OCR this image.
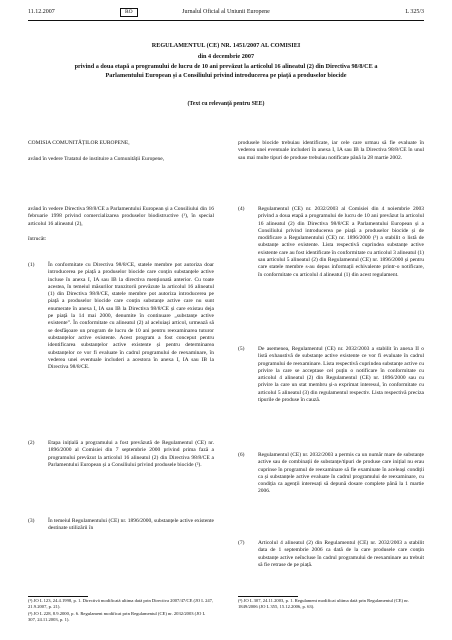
11.12.2007	RO	Jurnalul Oficial al Uniunii Europene	L 325/3
REGULAMENTUL (CE) NR. 1451/2007 AL COMISIEI
din 4 decembrie 2007
privind a doua etapă a programului de lucru de 10 ani prevăzut la articolul 16 alineatul (2) din Directiva 98/8/CE a Parlamentului European și a Consiliului privind introducerea pe piață a produselor biocide
(Text cu relevanță pentru SEE)
COMISIA COMUNITĂȚILOR EUROPENE,
având în vedere Tratatul de instituire a Comunității Europene,
produsele biocide trebuiau identificate, iar cele care urmau să fie evaluate în vederea unei eventuale includeri în anexa I, IA sau IB la Directiva 98/8/CE în unul sau mai multe tipuri de produse trebuiau notificate până la 28 martie 2002.
având în vedere Directiva 98/8/CE a Parlamentului European și a Consiliului din 16 februarie 1998 privind comercializarea produselor biodistructive (¹), în special articolul 16 alineatul (2),
întrucât:
(1) În conformitate cu Directiva 98/8/CE, statele membre pot autoriza doar introducerea pe piață a produselor biocide care conțin substanțele active incluse în anexa I, IA sau IB la directiva menționată anterior. Cu toate acestea, în temeiul măsurilor tranzitorii prevăzute la articolul 16 alineatul (1) din Directiva 98/8/CE, statele membre pot autoriza introducerea pe piață a produselor biocide care conțin substanțe active care nu sunt enumerate în anexa I, IA sau IB la Directiva 98/8/CE și care existau deja pe piață la 14 mai 2000, denumite în continuare „substanțe active existente”. În conformitate cu alineatul (2) al aceluiași articol, urmează să se desfășoare un program de lucru de 10 ani pentru reexaminarea tuturor substanțelor active existente. Acest program a fost conceput pentru identificarea substanțelor active existente și pentru determinarea substanțelor ce vor fi evaluate în cadrul programului de reexaminare, în vederea unei eventuale includeri a acestora în anexa I, IA sau IB la Directiva 98/8/CE.
(2) Etapa inițială a programului a fost prevăzută de Regulamentul (CE) nr. 1896/2000 al Comisiei din 7 septembrie 2000 privind prima fază a programului prevăzut la articolul 16 alineatul (2) din Directiva 98/8/CE a Parlamentului European și a Consiliului privind produsele biocide (²).
(3) În temeiul Regulamentului (CE) nr. 1896/2000, substanțele active existente destinate utilizării în
(4) Regulamentul (CE) nr. 2032/2003 al Comisiei din 4 noiembrie 2003 privind a doua etapă a programului de lucru de 10 ani prevăzut la articolul 16 alineatul (2) din Directiva 98/8/CE a Parlamentului European și a Consiliului privind introducerea pe piață a produselor biocide și de modificare a Regulamentului (CE) nr. 1896/2000 (³) a stabilit o listă de substanțe active existente. Lista respectivă cuprindea substanțe active existente care au fost identificate în conformitate cu articolul 3 alineatul (1) sau articolul 5 alineatul (2) din Regulamentul (CE) nr. 1896/2000 și pentru care statele membre s-au depus informații echivalente printr-o notificare, în conformitate cu articolul 4 alineatul (1) din acest regulament.
(5) De asemenea, Regulamentul (CE) nr. 2032/2003 a stabilit în anexa II o listă exhaustivă de substanțe active existente ce vor fi evaluate în cadrul programului de reexaminare. Lista respectivă cuprindea substanțe active cu privire la care se acceptase cel puțin o notificare în conformitate cu articolul 4 alineatul (2) din Regulamentul (CE) nr. 1896/2000 sau cu privire la care un stat membru și-a exprimat interesul, în conformitate cu articolul 5 alineatul (3) din regulamentul respectiv. Lista respectivă preciza tipurile de produse în cauză.
(6) Regulamentul (CE) nr. 2032/2003 a permis ca un număr mare de substanțe active sau de combinații de substanțe/tipuri de produse care inițial nu erau cuprinse în programul de reexaminare să fie examinate în aceleași condiții ca și substanțele active evaluate în cadrul programului de reexaminare, cu condiția ca agenții interesați să depună dosare complete până la 1 martie 2006.
(7) Articolul 4 alineatul (2) din Regulamentul (CE) nr. 2032/2003 a stabilit data de 1 septembrie 2006 ca dată de la care produsele care conțin substanțe active neîncluse în cadrul programului de reexaminare au trebuit să fie retrase de pe piață.
(¹) JO L 123, 24.4.1998, p. 1. Directivă modificată ultima dată prin Directiva 2007/47/CE (JO L 247, 21.9.2007, p. 21).
(²) JO L 228, 8.9.2000, p. 6. Regulament modificat prin Regulamentul (CE) nr. 2032/2003 (JO L 307, 24.11.2003, p. 1).
(³) JO L 307, 24.11.2003, p. 1. Regulament modificat ultima dată prin Regulamentul (CE) nr. 1849/2006 (JO L 355, 15.12.2006, p. 63).
